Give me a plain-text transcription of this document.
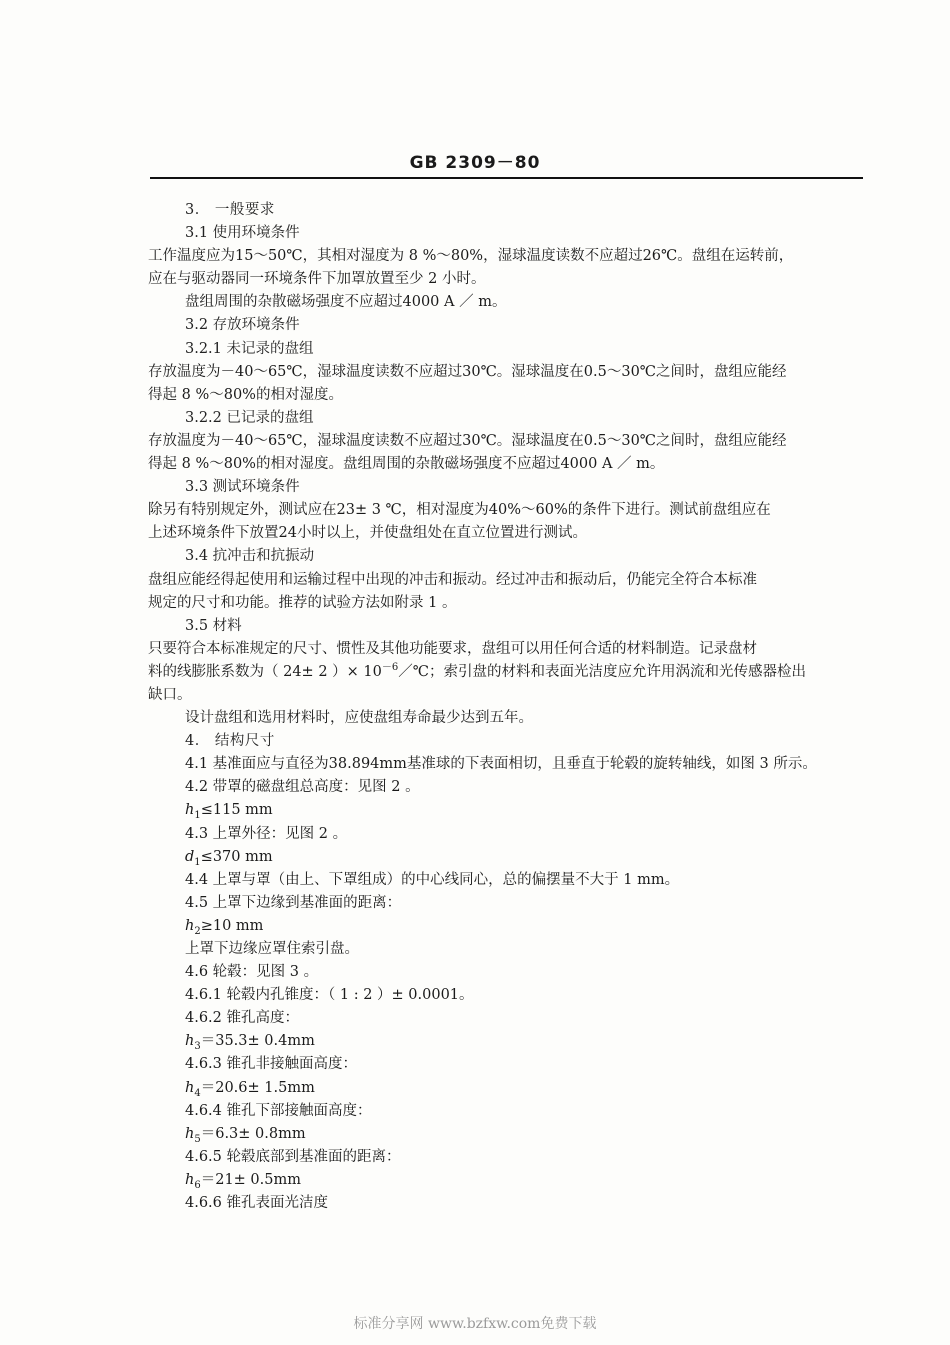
GB 2309－80
3． 一般要求
3.1 使用环境条件
工作温度应为15～50℃，其相对湿度为 8 %～80%，湿球温度读数不应超过26℃。盘组在运转前，
应在与驱动器同一环境条件下加罩放置至少 2 小时。
盘组周围的杂散磁场强度不应超过4000 A ／ m。
3.2 存放环境条件
3.2.1 未记录的盘组
存放温度为－40～65℃，湿球温度读数不应超过30℃。湿球温度在0.5～30℃之间时，盘组应能经
得起 8 %～80%的相对湿度。
3.2.2 已记录的盘组
存放温度为－40～65℃，湿球温度读数不应超过30℃。湿球温度在0.5～30℃之间时，盘组应能经
得起 8 %～80%的相对湿度。盘组周围的杂散磁场强度不应超过4000 A ／ m。
3.3 测试环境条件
除另有特别规定外，测试应在23± 3 ℃，相对湿度为40%～60%的条件下进行。测试前盘组应在
上述环境条件下放置24小时以上，并使盘组处在直立位置进行测试。
3.4 抗冲击和抗振动
盘组应能经得起使用和运输过程中出现的冲击和振动。经过冲击和振动后，仍能完全符合本标准
规定的尺寸和功能。推荐的试验方法如附录 1 。
3.5 材料
只要符合本标准规定的尺寸、惯性及其他功能要求，盘组可以用任何合适的材料制造。记录盘材
料的线膨胀系数为（ 24± 2 ）× $10^{-6}/℃$；索引盘的材料和表面光洁度应允许用涡流和光传感器检出
缺口。
设计盘组和选用材料时，应使盘组寿命最少达到五年。
4． 结构尺寸
4.1 基准面应与直径为38.894mm基准球的下表面相切，且垂直于轮毂的旋转轴线，如图 3 所示。
4.2 带罩的磁盘组总高度：见图 2 。
$h_1\le 115$ mm
4.3 上罩外径：见图 2 。
$d_1\le 370$ mm
4.4 上罩与罩（由上、下罩组成）的中心线同心，总的偏摆量不大于 1 mm。
4.5 上罩下边缘到基准面的距离：
$h_2\ge 10$ mm
上罩下边缘应罩住索引盘。
4.6 轮毂：见图 3 。
4.6.1 轮毂内孔锥度：（ 1 : 2 ）± 0.0001。
4.6.2 锥孔高度：
$h_3=35.3\pm 0.4mm$
4.6.3 锥孔非接触面高度：
$h_4=20.6\pm 1.5mm$
4.6.4 锥孔下部接触面高度：
$h_5=6.3\pm 0.8mm$
4.6.5 轮毂底部到基准面的距离：
$h_6=21\pm 0.5mm$
4.6.6 锥孔表面光洁度
标准分享网 www.bzfxw.com免费下载
